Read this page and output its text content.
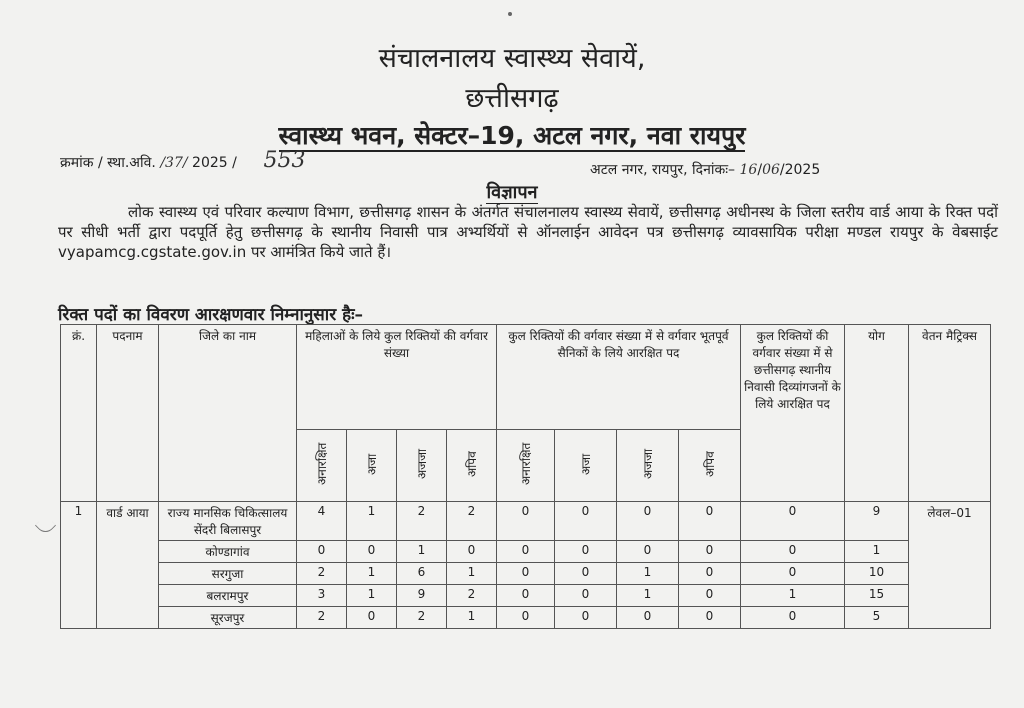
संचालनालय स्वास्थ्य सेवायें,
छत्तीसगढ़
स्वास्थ्य भवन, सेक्टर–19, अटल नगर, नवा रायपुर
क्रमांक / स्था.अवि. /37/ 2025 / 553	अटल नगर, रायपुर, दिनांकः– 16/06/2025
विज्ञापन
लोक स्वास्थ्य एवं परिवार कल्याण विभाग, छत्तीसगढ़ शासन के अंतर्गत संचालनालय स्वास्थ्य सेवायें, छत्तीसगढ़ अधीनस्थ के जिला स्तरीय वार्ड आया के रिक्त पदों पर सीधी भर्ती द्वारा पदपूर्ति हेतु छत्तीसगढ़ के स्थानीय निवासी पात्र अभ्यर्थियों से ऑनलाईन आवेदन पत्र छत्तीसगढ़ व्यावसायिक परीक्षा मण्डल रायपुर के वेबसाईट vyapamcg.cgstate.gov.in पर आमंत्रित किये जाते हैं।
रिक्त पदों का विवरण आरक्षणवार निम्नानुसार हैः–
क्रं.	पदनाम	जिले का नाम	महिलाओं के लिये कुल रिक्तियों की वर्गवार संख्या				कुल रिक्तियों की वर्गवार संख्या में से वर्गवार भूतपूर्व सैनिकों के लिये आरक्षित पद				कुल रिक्तियों की वर्गवार संख्या में से छत्तीसगढ़ स्थानीय निवासी दिव्यांगजनों के लिये आरक्षित पद	योग	वेतन मैट्रिक्स
			अनारक्षित	अजा	अजजा	अपिव	अनारक्षित	अजा	अजजा	अपिव			
1	वार्ड आया	राज्य मानसिक चिकित्सालय सेंदरी बिलासपुर	4	1	2	2	0	0	0	0	0	9	लेवल–01
		कोण्डागांव	0	0	1	0	0	0	0	0	0	1	
		सरगुजा	2	1	6	1	0	0	1	0	0	10	
		बलरामपुर	3	1	9	2	0	0	1	0	1	15	
		सूरजपुर	2	0	2	1	0	0	0	0	0	5	
